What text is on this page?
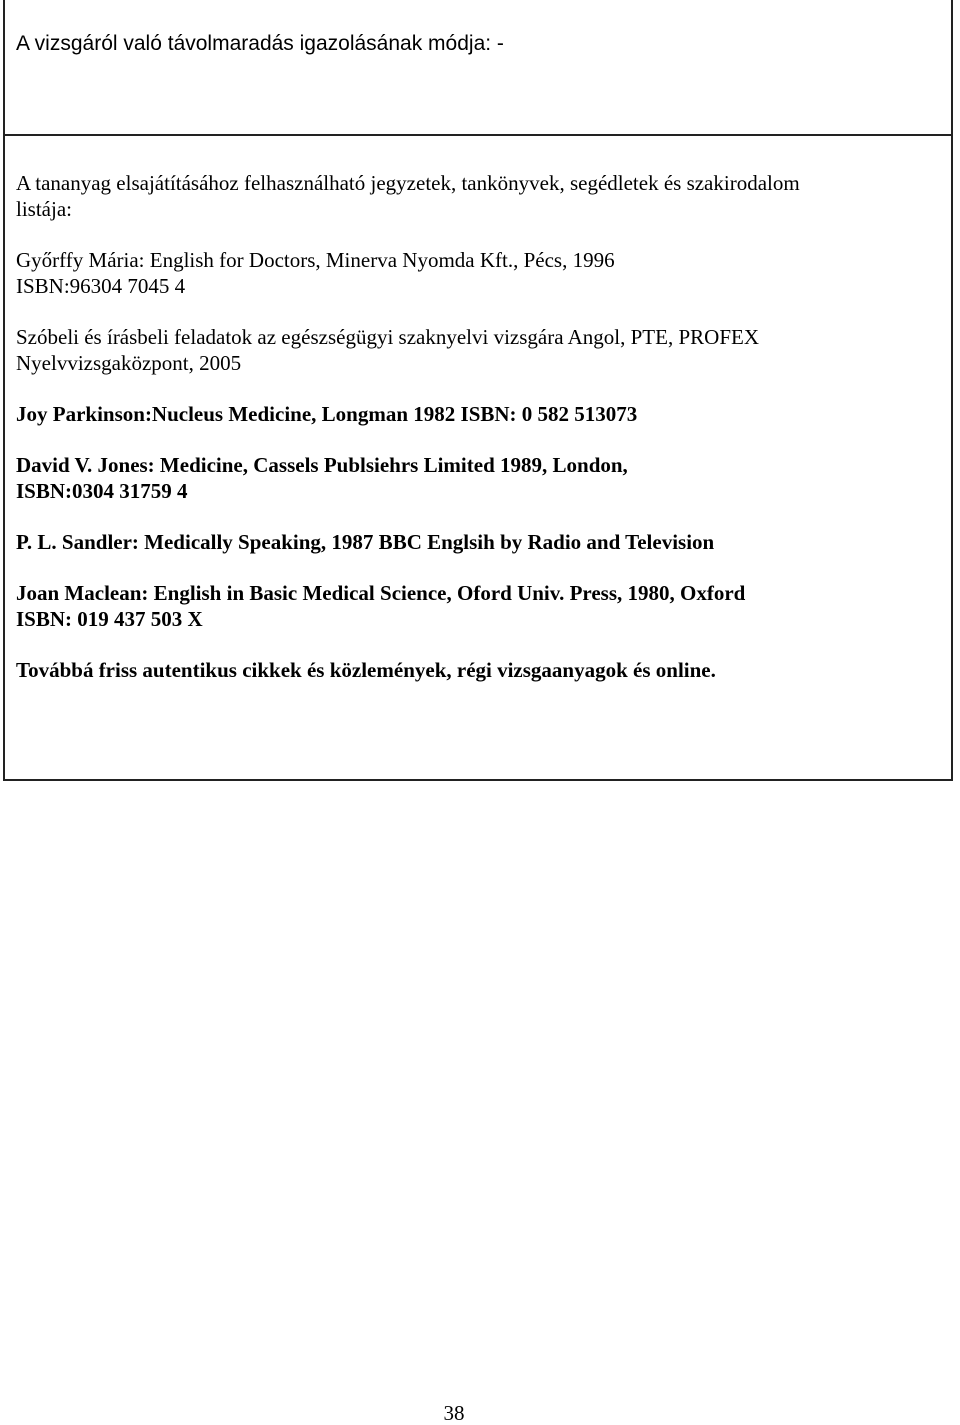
A vizsgáról való távolmaradás igazolásának módja: -

A tananyag elsajátításához felhasználható jegyzetek, tankönyvek, segédletek és szakirodalom
listája:

Győrffy Mária: English for Doctors, Minerva Nyomda Kft., Pécs, 1996
ISBN:96304 7045 4

Szóbeli és írásbeli feladatok az egészségügyi szaknyelvi vizsgára Angol, PTE, PROFEX
Nyelvvizsgaközpont, 2005

Joy Parkinson:Nucleus Medicine, Longman 1982 ISBN: 0 582 513073

David V. Jones: Medicine, Cassels Publsiehrs Limited 1989, London,
ISBN:0304 31759 4

P. L. Sandler: Medically Speaking, 1987 BBC Englsih by Radio and Television

Joan Maclean: English in Basic Medical Science, Oford Univ. Press, 1980, Oxford
ISBN: 019 437 503 X

Továbbá friss autentikus cikkek és közlemények, régi vizsgaanyagok és online.

38
